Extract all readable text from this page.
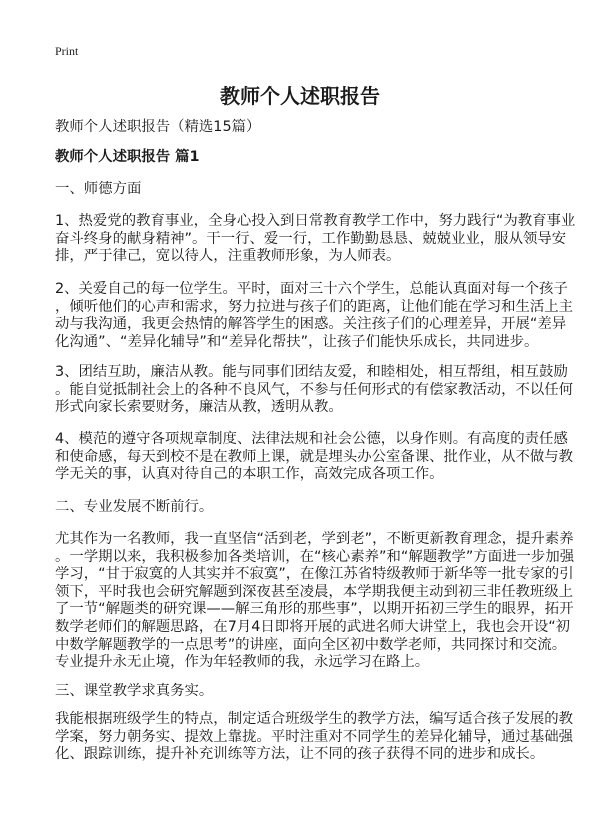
Print
教师个人述职报告
教师个人述职报告（精选15篇）
教师个人述职报告 篇1
一、师德方面
1、热爱党的教育事业，全身心投入到日常教育教学工作中，努力践行“为教育事业
奋斗终身的献身精神”。干一行、爱一行，工作勤勤恳恳、兢兢业业，服从领导安
排，严于律己，宽以待人，注重教师形象，为人师表。
2、关爱自己的每一位学生。平时，面对三十六个学生，总能认真面对每一个孩子
，倾听他们的心声和需求，努力拉进与孩子们的距离，让他们能在学习和生活上主
动与我沟通，我更会热情的解答学生的困惑。关注孩子们的心理差异，开展“差异
化沟通”、“差异化辅导”和“差异化帮扶”，让孩子们能快乐成长，共同进步。
3、团结互助，廉洁从教。能与同事们团结友爱，和睦相处，相互帮组，相互鼓励
。能自觉抵制社会上的各种不良风气，不参与任何形式的有偿家教活动，不以任何
形式向家长索要财务，廉洁从教，透明从教。
4、模范的遵守各项规章制度、法律法规和社会公德，以身作则。有高度的责任感
和使命感，每天到校不是在教师上课，就是埋头办公室备课、批作业，从不做与教
学无关的事，认真对待自己的本职工作，高效完成各项工作。
二、专业发展不断前行。
尤其作为一名教师，我一直坚信“活到老，学到老”，不断更新教育理念，提升素养
。一学期以来，我积极参加各类培训，在“核心素养”和“解题教学”方面进一步加强
学习，“甘于寂寞的人其实并不寂寞”，在像江苏省特级教师于新华等一批专家的引
领下，平时我也会研究解题到深夜甚至凌晨，本学期我便主动到初三非任教班级上
了一节“解题类的研究课——解三角形的那些事”，以期开拓初三学生的眼界，拓开
数学老师们的解题思路，在7月4日即将开展的武进名师大讲堂上，我也会开设“初
中数学解题教学的一点思考”的讲座，面向全区初中数学老师，共同探讨和交流。
专业提升永无止境，作为年轻教师的我，永远学习在路上。
三、课堂教学求真务实。
我能根据班级学生的特点，制定适合班级学生的教学方法，编写适合孩子发展的教
学案，努力朝务实、提效上靠拢。平时注重对不同学生的差异化辅导，通过基础强
化、跟踪训练，提升补充训练等方法，让不同的孩子获得不同的进步和成长。
